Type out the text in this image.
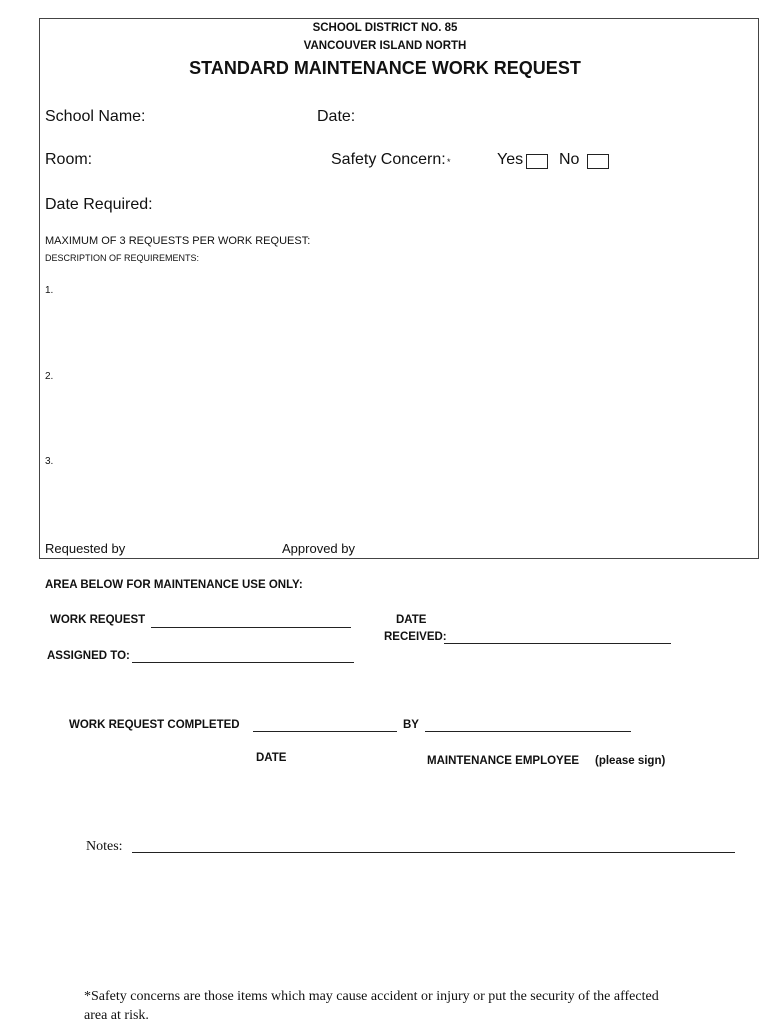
SCHOOL DISTRICT NO. 85
VANCOUVER ISLAND NORTH
STANDARD MAINTENANCE WORK REQUEST
School Name:	Date:
Room:	Safety Concern: *	Yes No
Date Required:
MAXIMUM OF 3 REQUESTS PER WORK REQUEST:
DESCRIPTION OF REQUIREMENTS:
1.
2.
3.
Requested by	Approved by
AREA BELOW FOR MAINTENANCE USE ONLY:
WORK REQUEST	DATE
RECEIVED:
ASSIGNED TO:
WORK REQUEST COMPLETED	BY
DATE	MAINTENANCE EMPLOYEE (please sign)
Notes:
*Safety concerns are those items which may cause accident or injury or put the security of the affected
area at risk.
